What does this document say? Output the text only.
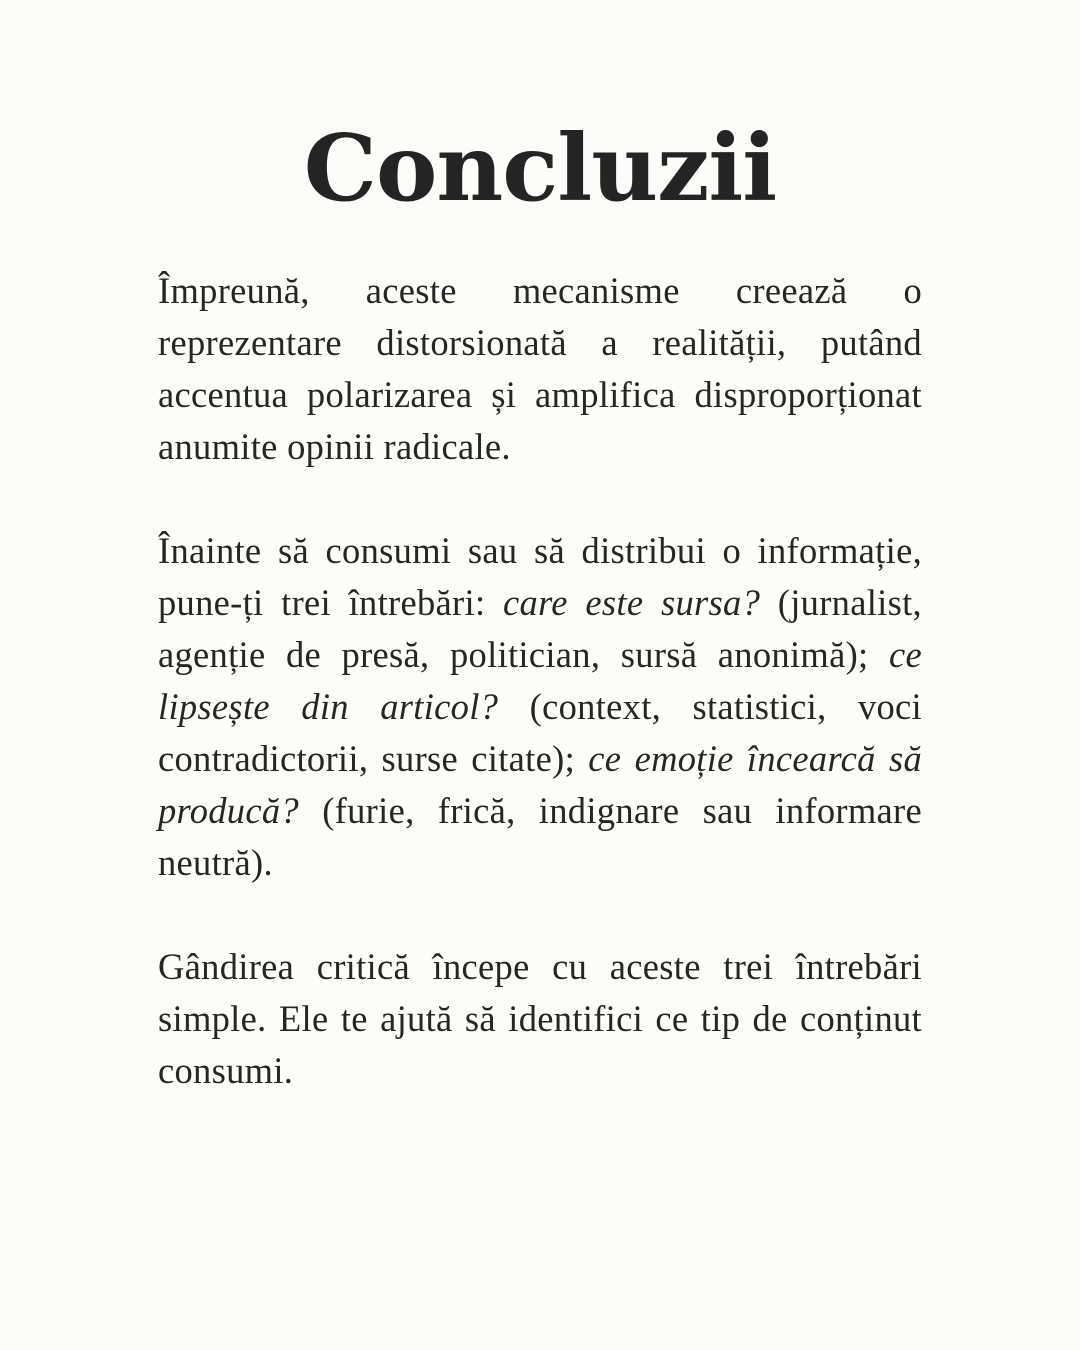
Concluzii

Împreună, aceste mecanisme creează o reprezentare distorsionată a realității, putând accentua polarizarea și amplifica disproporționat anumite opinii radicale.

Înainte să consumi sau să distribui o informație, pune-ți trei întrebări: care este sursa? (jurnalist, agenție de presă, politician, sursă anonimă); ce lipsește din articol? (context, statistici, voci contradictorii, surse citate); ce emoție încearcă să producă? (furie, frică, indignare sau informare neutră).

Gândirea critică începe cu aceste trei întrebări simple. Ele te ajută să identifici ce tip de conținut consumi.
